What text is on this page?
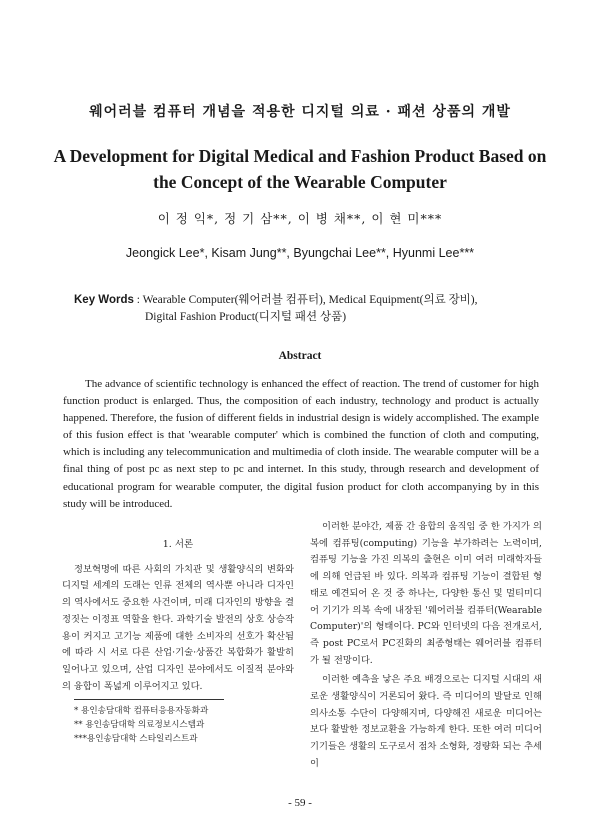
웨어러블 컴퓨터 개념을 적용한 디지털 의료 · 패션 상품의 개발
A Development for Digital Medical and Fashion Product Based on
the Concept of the Wearable Computer
이 정 익*, 정 기 삼**, 이 병 채**, 이 현 미***
Jeongick Lee*, Kisam Jung**, Byungchai Lee**, Hyunmi Lee***
Key Words : Wearable Computer(웨어러블 컴퓨터), Medical Equipment(의료 장비),
Digital Fashion Product(디지털 패션 상품)
Abstract
The advance of scientific technology is enhanced the effect of reaction. The trend of customer for high function product is enlarged. Thus, the composition of each industry, technology and product is actually happened. Therefore, the fusion of different fields in industrial design is widely accomplished. The example of this fusion effect is that 'wearable computer' which is combined the function of cloth and computing, which is including any telecommunication and multimedia of cloth inside. The wearable computer will be a final thing of post pc as next step to pc and internet. In this study, through research and development of educational program for wearable computer, the digital fusion product for cloth accompanying by in this study will be introduced.
1. 서론

정보혁명에 따른 사회의 가치관 및 생활양식의 변화와 디지털 세계의 도래는 인류 전체의 역사뿐 아니라 디자인의 역사에서도 중요한 사건이며, 미래 디자인의 방향을 결정짓는 이정표 역할을 한다. 과학기술 발전의 상호 상승작용이 커지고 고기능 제품에 대한 소비자의 선호가 확산됨에 따라 시 서로 다른 산업·기술·상품간 복합화가 활발히 일어나고 있으며, 산업 디자인 분야에서도 이질적 분야와의 융합이 폭넓게 이루어지고 있다.

* 용인송담대학 컴퓨터응용자동화과
** 용인송담대학 의료정보시스템과
***용인송담대학 스타일리스트과

이러한 분야간, 제품 간 융합의 움직임 중 한 가지가 의복에 컴퓨팅(computing) 기능을 부가하려는 노력이며, 컴퓨팅 기능을 가진 의복의 출현은 이미 여러 미래학자들에 의해 언급된 바 있다. 의복과 컴퓨팅 기능이 결합된 형태로 예견되어 온 것 중 하나는, 다양한 통신 및 멀티미디어 기기가 의복 속에 내장된 '웨어러블 컴퓨터(Wearable Computer)'의 형태이다. PC와 인터넷의 다음 전개로서, 즉 post PC로서 PC진화의 최종형태는 웨어러블 컴퓨터가 될 전망이다.

이러한 예측을 낳은 주요 배경으로는 디지털 시대의 새로운 생활양식이 거론되어 왔다. 즉 미디어의 발달로 인해 의사소통 수단이 다양해지며, 다양해진 새로운 미디어는 보다 활발한 정보교환을 가능하게 한다. 또한 여러 미디어 기기들은 생활의 도구로서 점차 소형화, 경량화 되는 추세이

- 59 -
